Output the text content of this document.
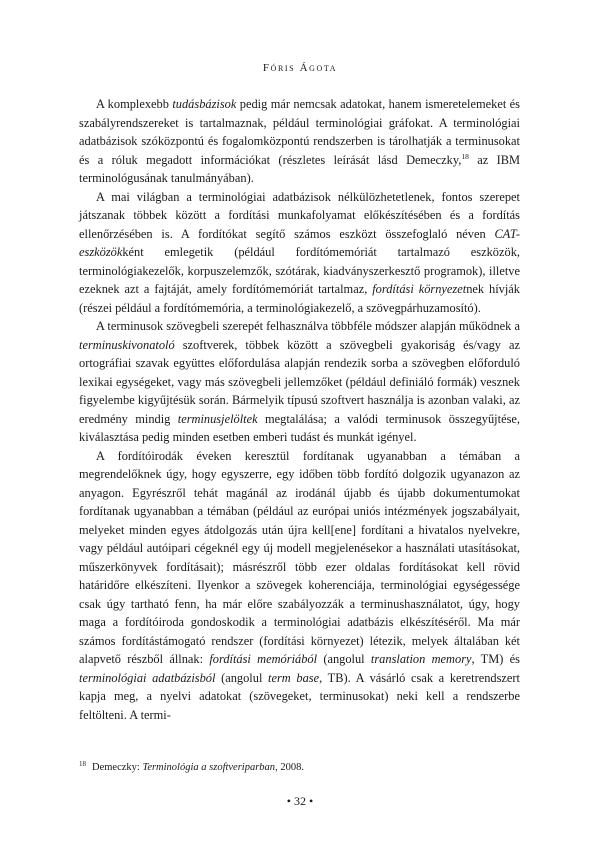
Fóris Ágota

A komplexebb tudásbázisok pedig már nemcsak adatokat, hanem ismeretelemeket és szabályrendszereket is tartalmaznak, például terminológiai gráfokat. A terminológiai adatbázisok szóközpontú és fogalomközpontú rendszerben is tárolhatják a terminusokat és a róluk megadott információkat (részletes leírását lásd Demeczky,$^{18}$ az IBM terminológusának tanulmányában).

A mai világban a terminológiai adatbázisok nélkülözhetetlenek, fontos szerepet játszanak többek között a fordítási munkafolyamat előkészítésében és a fordítás ellenőrzésében is. A fordítókat segítő számos eszközt összefoglaló néven CAT-eszközökként emlegetik (például fordítómemóriát tartalmazó eszközök, terminológiakezelők, korpuszelemzők, szótárak, kiadványszerkesztő programok), illetve ezeknek azt a fajtáját, amely fordítómemóriát tartalmaz, fordítási környezetnek hívják (részei például a fordítómemória, a terminológiakezelő, a szövegpárhuzamosító).

A terminusok szövegbeli szerepét felhasználva többféle módszer alapján működnek a terminuskivonatoló szoftverek, többek között a szövegbeli gyakoriság és/vagy az ortográfiai szavak együttes előfordulása alapján rendezik sorba a szövegben előforduló lexikai egységeket, vagy más szövegbeli jellemzőket (például definiáló formák) vesznek figyelembe kigyűjtésük során. Bármelyik típusú szoftvert használja is azonban valaki, az eredmény mindig terminusjelöltek megtalálása; a valódi terminusok összegyűjtése, kiválasztása pedig minden esetben emberi tudást és munkát igényel.

A fordítóirodák éveken keresztül fordítanak ugyanabban a témában a megrendelőknek úgy, hogy egyszerre, egy időben több fordító dolgozik ugyanazon az anyagon. Egyrészről tehát magánál az irodánál újabb és újabb dokumentumokat fordítanak ugyanabban a témában (például az európai uniós intézmények jogszabályait, melyeket minden egyes átdolgozás után újra kell[ene] fordítani a hivatalos nyelvekre, vagy például autóipari cégeknél egy új modell megjelenésekor a használati utasításokat, műszerkönyvek fordításait); másrészről több ezer oldalas fordításokat kell rövid határidőre elkészíteni. Ilyenkor a szövegek koherenciája, terminológiai egységessége csak úgy tartható fenn, ha már előre szabályozzák a terminushasználatot, úgy, hogy maga a fordítóiroda gondoskodik a terminológiai adatbázis elkészítéséről. Ma már számos fordítástámogató rendszer (fordítási környezet) létezik, melyek általában két alapvető részből állnak: fordítási memóriából (angolul translation memory, TM) és terminológiai adatbázisból (angolul term base, TB). A vásárló csak a keretrendszert kapja meg, a nyelvi adatokat (szövegeket, terminusokat) neki kell a rendszerbe feltölteni. A termi-

$^{18}$ Demeczky: Terminológia a szoftveriparban, 2008.
• 32 •
